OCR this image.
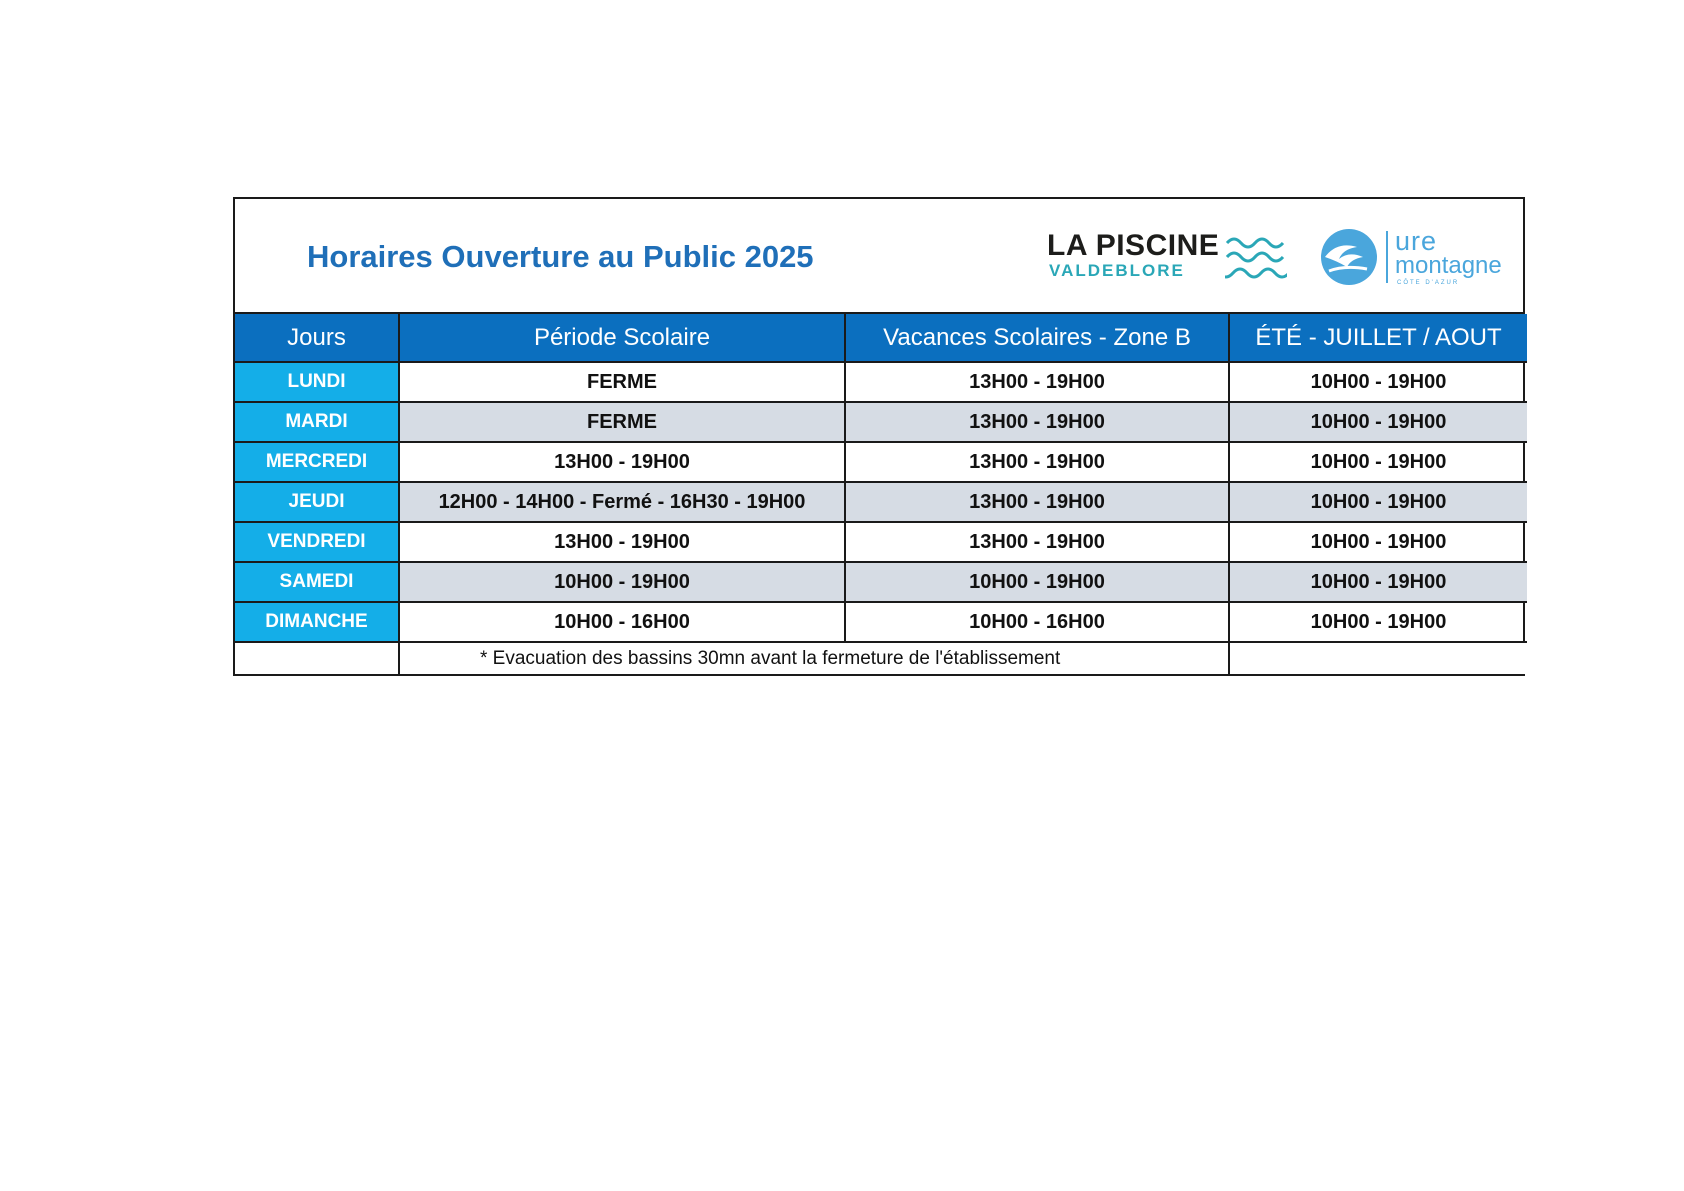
Horaires Ouverture au Public 2025	LA PISCINE
VALDEBLORE
ure
montagne
CÔTE D'AZUR
Jours	Période Scolaire	Vacances Scolaires - Zone B	ÉTÉ - JUILLET / AOUT
LUNDI	FERME	13H00 - 19H00	10H00 - 19H00
MARDI	FERME	13H00 - 19H00	10H00 - 19H00
MERCREDI	13H00 - 19H00	13H00 - 19H00	10H00 - 19H00
JEUDI	12H00 - 14H00 - Fermé - 16H30 - 19H00	13H00 - 19H00	10H00 - 19H00
VENDREDI	13H00 - 19H00	13H00 - 19H00	10H00 - 19H00
SAMEDI	10H00 - 19H00	10H00 - 19H00	10H00 - 19H00
DIMANCHE	10H00 - 16H00	10H00 - 16H00	10H00 - 19H00
	* Evacuation des bassins 30mn avant la fermeture de l'établissement		
